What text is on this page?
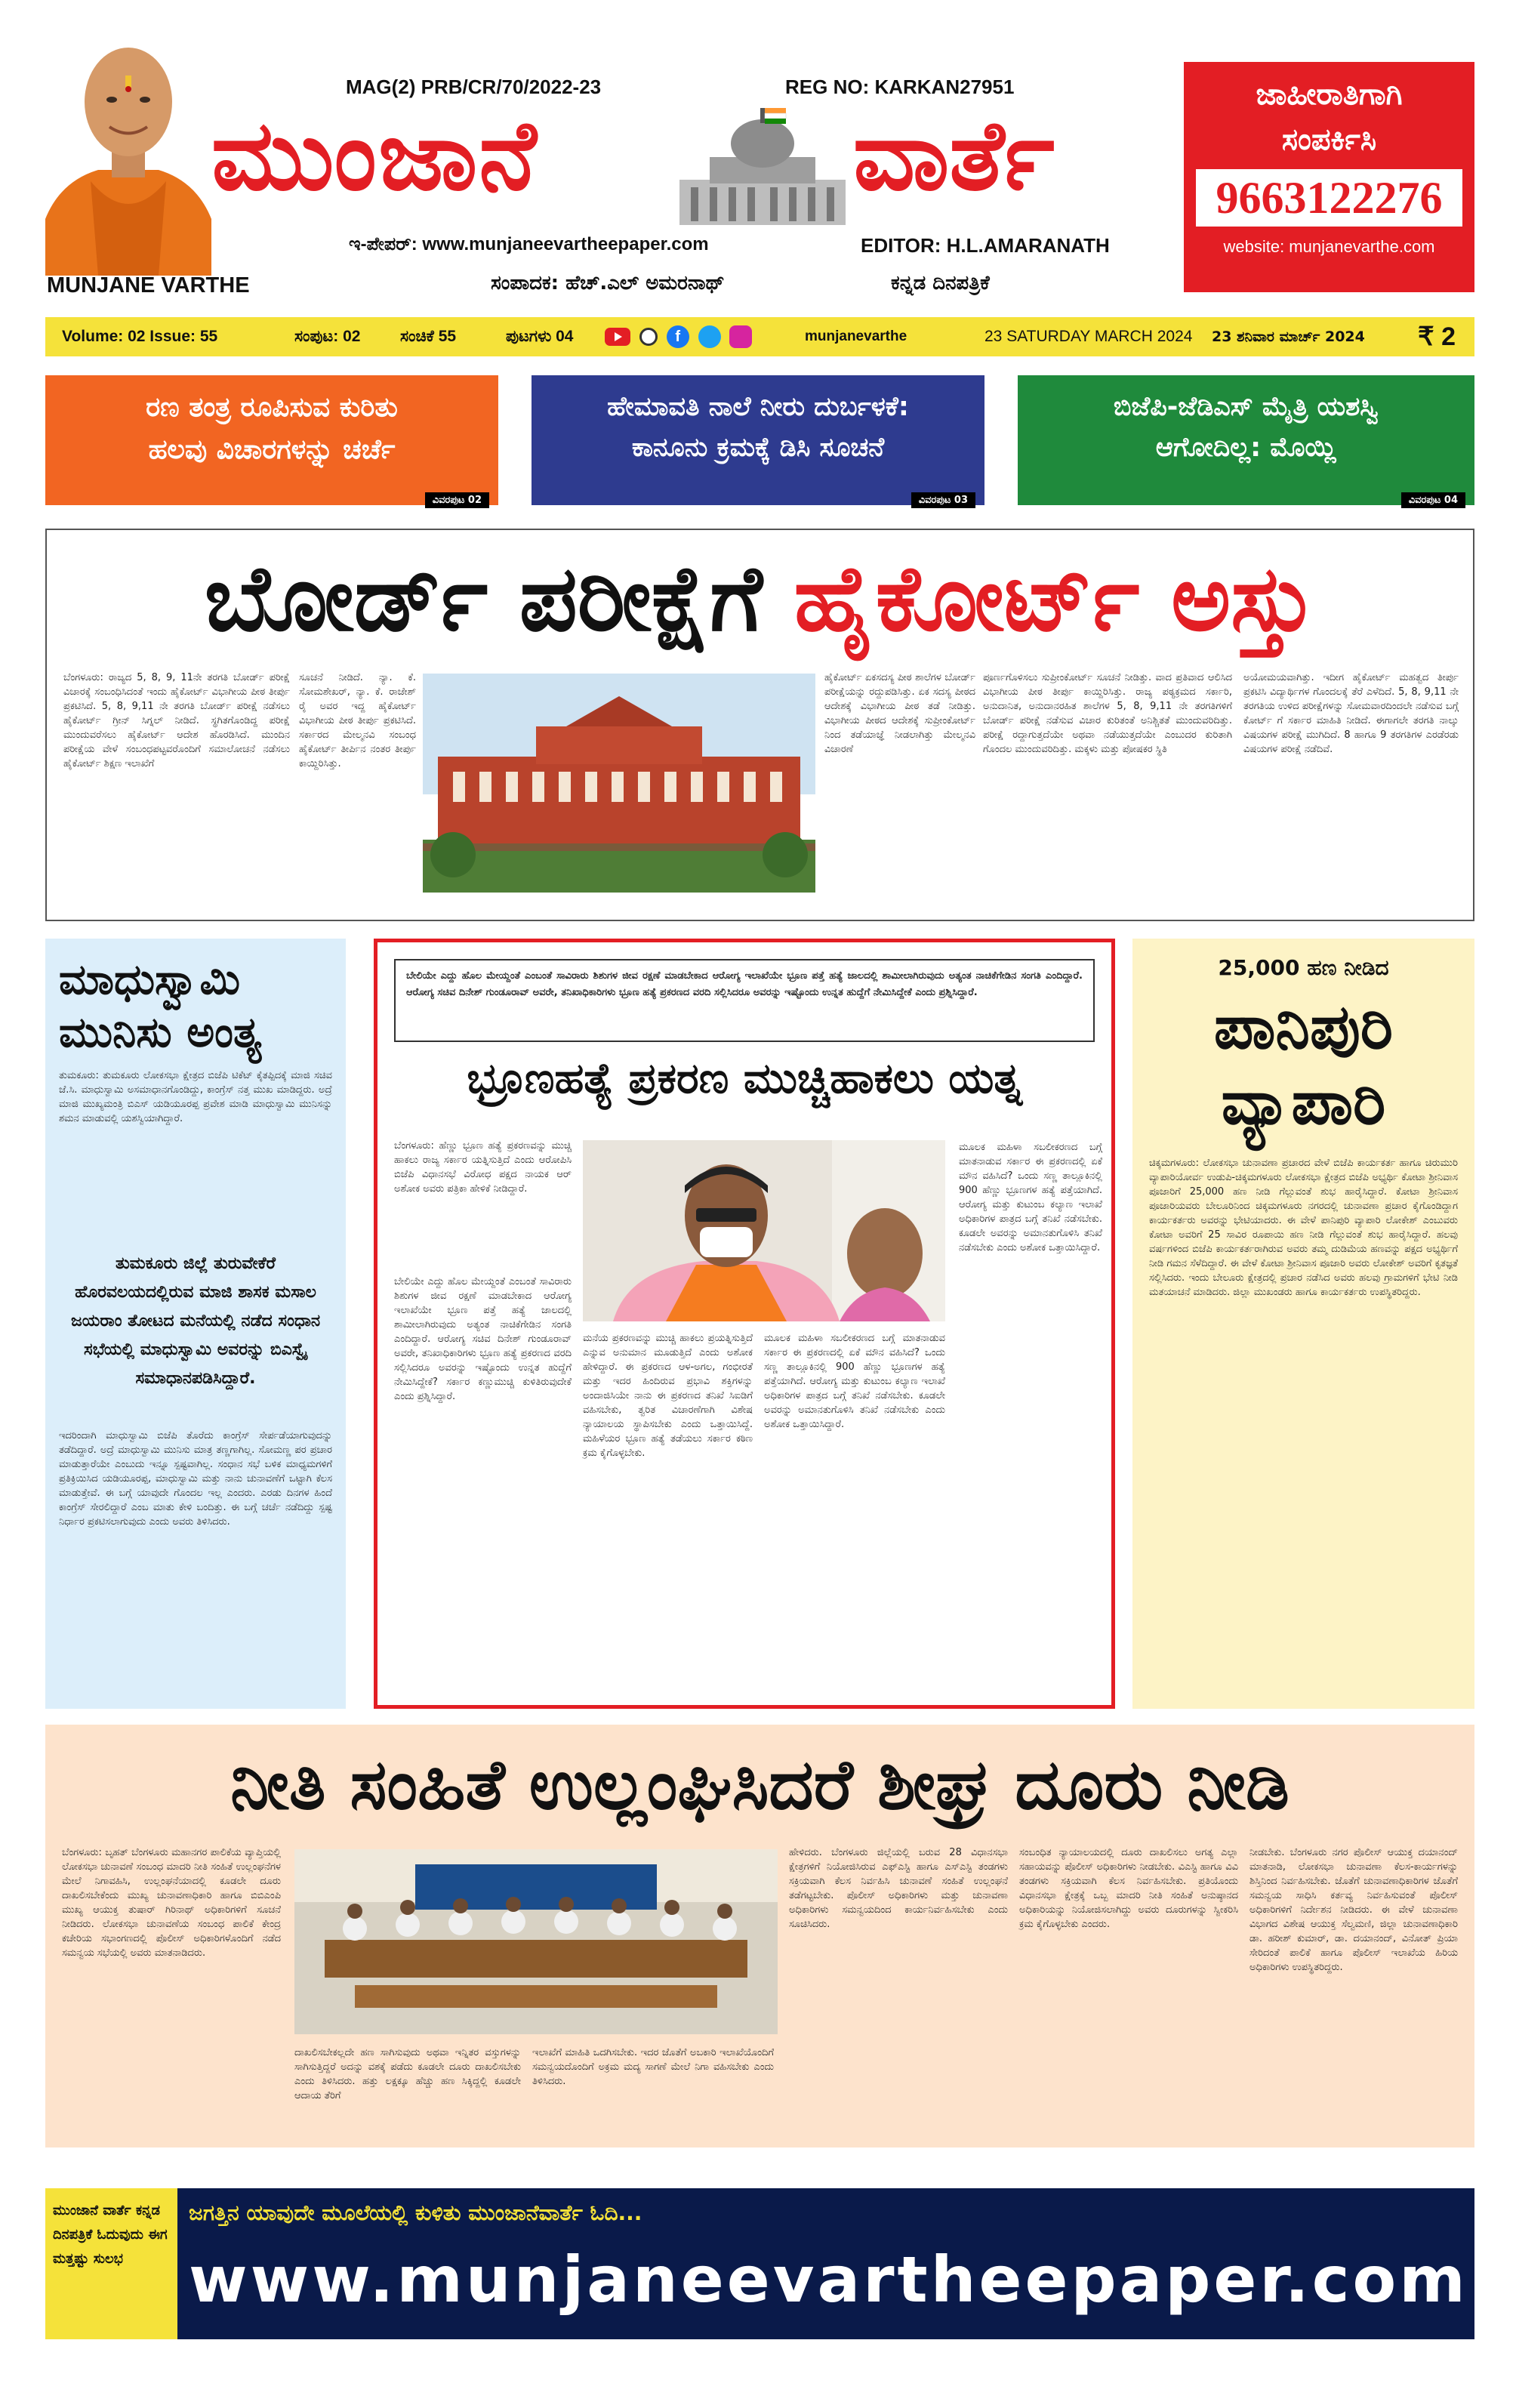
MUNJANE VARTHE
MAG(2) PRB/CR/70/2022-23	REG NO: KARKAN27951
ಮುಂಜಾನೆ	ವಾರ್ತೆ
ಇ-ಪೇಪರ್: www.munjaneevartheepaper.com	EDITOR: H.L.AMARANATH
ಸಂಪಾದಕ: ಹೆಚ್.ಎಲ್ ಅಮರನಾಥ್	ಕನ್ನಡ ದಿನಪತ್ರಿಕೆ
ಜಾಹೀರಾತಿಗಾಗಿ
ಸಂಪರ್ಕಿಸಿ
9663122276
website: munjanevarthe.com
Volume: 02 Issue: 55	ಸಂಪುಟ: 02	ಸಂಚಿಕೆ 55	ಪುಟಗಳು 04	f	munjanevarthe	23 SATURDAY MARCH 2024 23 ಶನಿವಾರ ಮಾರ್ಚ್ 2024 ₹ 2
ರಣ ತಂತ್ರ ರೂಪಿಸುವ ಕುರಿತು
ಹಲವು ವಿಚಾರಗಳನ್ನು ಚರ್ಚೆ
ವಿವರಪುಟ 02
ಹೇಮಾವತಿ ನಾಲೆ ನೀರು ದುರ್ಬಳಕೆ:
ಕಾನೂನು ಕ್ರಮಕ್ಕೆ ಡಿಸಿ ಸೂಚನೆ
ವಿವರಪುಟ 03
ಬಿಜೆಪಿ-ಜೆಡಿಎಸ್ ಮೈತ್ರಿ ಯಶಸ್ವಿ
ಆಗೋದಿಲ್ಲ: ಮೊಯ್ಲಿ
ವಿವರಪುಟ 04
ಬೋರ್ಡ್ ಪರೀಕ್ಷೆಗೆ ಹೈಕೋರ್ಟ್ ಅಸ್ತು
ಬೆಂಗಳೂರು: ರಾಜ್ಯದ 5, 8, 9, 11ನೇ ತರಗತಿ ಬೋರ್ಡ್ ಪರೀಕ್ಷೆ ವಿಚಾರಕ್ಕೆ ಸಂಬಂಧಿಸಿದಂತೆ ಇಂದು ಹೈಕೋರ್ಟ್ ವಿಭಾಗೀಯ ಪೀಠ ತೀರ್ಪು ಪ್ರಕಟಿಸಿದೆ. 5, 8, 9,11 ನೇ ತರಗತಿ ಬೋರ್ಡ್ ಪರೀಕ್ಷೆ ನಡೆಸಲು ಹೈಕೋರ್ಟ್ ಗ್ರೀನ್ ಸಿಗ್ನಲ್ ನೀಡಿದೆ. ಸ್ಥಗಿತಗೊಂಡಿದ್ದ ಪರೀಕ್ಷೆ ಮುಂದುವರೆಸಲು ಹೈಕೋರ್ಟ್ ಆದೇಶ ಹೊರಡಿಸಿದೆ. ಮುಂದಿನ ಪರೀಕ್ಷೆಯ ವೇಳೆ ಸಂಬಂಧಪಟ್ಟವರೊಂದಿಗೆ ಸಮಾಲೋಚನೆ ನಡೆಸಲು ಹೈಕೋರ್ಟ್ ಶಿಕ್ಷಣ ಇಲಾಖೆಗೆ
ಸೂಚನೆ ನೀಡಿದೆ. ನ್ಯಾ. ಕೆ. ಸೋಮಶೇಖರ್, ನ್ಯಾ. ಕೆ. ರಾಜೇಶ್ ರೈ ಅವರ ಇದ್ದ ಹೈಕೋರ್ಟ್ ವಿಭಾಗೀಯ ಪೀಠ ತೀರ್ಪು ಪ್ರಕಟಿಸಿದೆ. ಸರ್ಕಾರದ ಮೇಲ್ಮನವಿ ಸಂಬಂಧ ಹೈಕೋರ್ಟ್ ತೀರ್ಪಿನ ನಂತರ ತೀರ್ಪು ಕಾಯ್ದಿರಿಸಿತ್ತು.
ಹೈಕೋರ್ಟ್ ಏಕಸದಸ್ಯ ಪೀಠ ಶಾಲೆಗಳ ಬೋರ್ಡ್ ಪರೀಕ್ಷೆಯನ್ನು ರದ್ದುಪಡಿಸಿತ್ತು. ಏಕ ಸದಸ್ಯ ಪೀಠದ ಆದೇಶಕ್ಕೆ ವಿಭಾಗೀಯ ಪೀಠ ತಡೆ ನೀಡಿತ್ತು. ವಿಭಾಗೀಯ ಪೀಠದ ಆದೇಶಕ್ಕೆ ಸುಪ್ರೀಂಕೋರ್ಟ್ ನಿಂದ ತಡೆಯಾಜ್ಞೆ ನೀಡಲಾಗಿತ್ತು ಮೇಲ್ಮನವಿ ವಿಚಾರಣೆ
ಪೂರ್ಣಗೊಳಿಸಲು ಸುಪ್ರೀಂಕೋರ್ಟ್ ಸೂಚನೆ ನೀಡಿತ್ತು. ವಾದ ಪ್ರತಿವಾದ ಆಲಿಸಿದ ವಿಭಾಗೀಯ ಪೀಠ ತೀರ್ಪು ಕಾಯ್ದಿರಿಸಿತ್ತು. ರಾಜ್ಯ ಪಠ್ಯಕ್ರಮದ ಸರ್ಕಾರಿ, ಅನುದಾನಿತ, ಅನುದಾನರಹಿತ ಶಾಲೆಗಳ 5, 8, 9,11 ನೇ ತರಗತಿಗಳಿಗೆ ಬೋರ್ಡ್ ಪರೀಕ್ಷೆ ನಡೆಸುವ ವಿಚಾರ ಕುರಿತಂತೆ ಅನಿಶ್ಚಿತತೆ ಮುಂದುವರಿದಿತ್ತು. ಪರೀಕ್ಷೆ ರದ್ದಾಗುತ್ತದೆಯೇ ಅಥವಾ ನಡೆಯುತ್ತದೆಯೇ ಎಂಬುದರ ಕುರಿತಾಗಿ ಗೊಂದಲ ಮುಂದುವರಿದಿತ್ತು. ಮಕ್ಕಳು ಮತ್ತು ಪೋಷಕರ ಸ್ಥಿತಿ
ಅಯೋಮಯವಾಗಿತ್ತು. ಇದೀಗ ಹೈಕೋರ್ಟ್ ಮಹತ್ವದ ತೀರ್ಪು ಪ್ರಕಟಿಸಿ ವಿದ್ಯಾರ್ಥಿಗಳ ಗೊಂದಲಕ್ಕೆ ತೆರೆ ಎಳೆದಿದೆ. 5, 8, 9,11 ನೇ ತರಗತಿಯ ಉಳಿದ ಪರೀಕ್ಷೆಗಳನ್ನು ಸೋಮವಾರದಿಂದಲೇ ನಡೆಸುವ ಬಗ್ಗೆ ಕೋರ್ಟ್ ಗೆ ಸರ್ಕಾರ ಮಾಹಿತಿ ನೀಡಿದೆ. ಈಗಾಗಲೇ ತರಗತಿ ನಾಲ್ಕು ವಿಷಯಗಳ ಪರೀಕ್ಷೆ ಮುಗಿದಿದೆ. 8 ಹಾಗೂ 9 ತರಗತಿಗಳ ಎರಡೆರಡು ವಿಷಯಗಳ ಪರೀಕ್ಷೆ ನಡೆದಿವೆ.
ಮಾಧುಸ್ವಾಮಿ
ಮುನಿಸು ಅಂತ್ಯ
ತುಮಕೂರು: ತುಮಕೂರು ಲೋಕಸಭಾ ಕ್ಷೇತ್ರದ ಬಿಜೆಪಿ ಟಿಕೆಟ್ ಕೈತಪ್ಪಿದಕ್ಕೆ ಮಾಜಿ ಸಚಿವ ಜೆ.ಸಿ. ಮಾಧುಸ್ವಾಮಿ ಅಸಮಾಧಾನಗೊಂಡಿದ್ದು, ಕಾಂಗ್ರೆಸ್ ನತ್ತ ಮುಖ ಮಾಡಿದ್ದರು. ಅದ್ರೆ ಮಾಜಿ ಮುಖ್ಯಮಂತ್ರಿ ಬಿಎಸ್ ಯಡಿಯೂರಪ್ಪ ಪ್ರವೇಶ ಮಾಡಿ ಮಾಧುಸ್ವಾಮಿ ಮುನಿಸನ್ನು ಶಮನ ಮಾಡುವಲ್ಲಿ ಯಶಸ್ವಿಯಾಗಿದ್ದಾರೆ.
ತುಮಕೂರು ಜಿಲ್ಲೆ ತುರುವೇಕೆರೆ ಹೊರವಲಯದಲ್ಲಿರುವ ಮಾಜಿ ಶಾಸಕ ಮಸಾಲ ಜಯರಾಂ ತೋಟದ ಮನೆಯಲ್ಲಿ ನಡೆದ ಸಂಧಾನ ಸಭೆಯಲ್ಲಿ ಮಾಧುಸ್ವಾಮಿ ಅವರನ್ನು ಬಿಎಸ್ವೈ ಸಮಾಧಾನಪಡಿಸಿದ್ದಾರೆ.
ಇದರಿಂದಾಗಿ ಮಾಧುಸ್ವಾಮಿ ಬಿಜೆಪಿ ತೊರೆದು ಕಾಂಗ್ರೆಸ್ ಸೇರ್ಪಡೆಯಾಗುವುದನ್ನು ತಡೆದಿದ್ದಾರೆ. ಅದ್ರೆ ಮಾಧುಸ್ವಾಮಿ ಮುನಿಸು ಮಾತ್ರ ತಣ್ಣಗಾಗಿಲ್ಲ. ಸೋಮಣ್ಣ ಪರ ಪ್ರಚಾರ ಮಾಡುತ್ತಾರೆಯೇ ಎಂಬುದು ಇನ್ನೂ ಸ್ಪಷ್ಟವಾಗಿಲ್ಲ. ಸಂಧಾನ ಸಭೆ ಬಳಿಕ ಮಾಧ್ಯಮಗಳಿಗೆ ಪ್ರತಿಕ್ರಿಯಿಸಿದ ಯಡಿಯೂರಪ್ಪ, ಮಾಧುಸ್ವಾಮಿ ಮತ್ತು ನಾನು ಚುನಾವಣೆಗೆ ಒಟ್ಟಾಗಿ ಕೆಲಸ ಮಾಡುತ್ತೇವೆ. ಈ ಬಗ್ಗೆ ಯಾವುದೇ ಗೊಂದಲ ಇಲ್ಲ ಎಂದರು. ಎರಡು ದಿನಗಳ ಹಿಂದೆ ಕಾಂಗ್ರೆಸ್ ಸೇರಲಿದ್ದಾರೆ ಎಂಬ ಮಾತು ಕೇಳಿ ಬಂದಿತ್ತು. ಈ ಬಗ್ಗೆ ಚರ್ಚೆ ನಡೆದಿದ್ದು ಸ್ಪಷ್ಟ ನಿರ್ಧಾರ ಪ್ರಕಟಿಸಲಾಗುವುದು ಎಂದು ಅವರು ತಿಳಿಸಿದರು.
ಬೇಲಿಯೇ ಎದ್ದು ಹೊಲ ಮೇಯ್ದಂತೆ ಎಂಬಂತೆ ಸಾವಿರಾರು ಶಿಶುಗಳ ಜೀವ ರಕ್ಷಣೆ ಮಾಡಬೇಕಾದ ಆರೋಗ್ಯ ಇಲಾಖೆಯೇ ಭ್ರೂಣ ಪತ್ತೆ ಹತ್ಯೆ ಜಾಲದಲ್ಲಿ ಶಾಮೀಲಾಗಿರುವುದು ಅತ್ಯಂತ ನಾಚಿಕೆಗೇಡಿನ ಸಂಗತಿ ಎಂದಿದ್ದಾರೆ. ಆರೋಗ್ಯ ಸಚಿವ ದಿನೇಶ್ ಗುಂಡೂರಾವ್ ಅವರೇ, ತನಿಖಾಧಿಕಾರಿಗಳು ಭ್ರೂಣ ಹತ್ಯೆ ಪ್ರಕರಣದ ವರದಿ ಸಲ್ಲಿಸಿದರೂ ಅವರನ್ನು ಇಷ್ಟೊಂದು ಉನ್ನತ ಹುದ್ದೆಗೆ ನೇಮಿಸಿದ್ದೇಕೆ ಎಂದು ಪ್ರಶ್ನಿಸಿದ್ದಾರೆ.
ಭ್ರೂಣಹತ್ಯೆ ಪ್ರಕರಣ ಮುಚ್ಚಿಹಾಕಲು ಯತ್ನ
ಬೆಂಗಳೂರು: ಹೆಣ್ಣು ಭ್ರೂಣ ಹತ್ಯೆ ಪ್ರಕರಣವನ್ನು ಮುಚ್ಚಿ ಹಾಕಲು ರಾಜ್ಯ ಸರ್ಕಾರ ಯತ್ನಿಸುತ್ತಿದೆ ಎಂದು ಆರೋಪಿಸಿ ಬಿಜೆಪಿ ವಿಧಾನಸಭೆ ವಿರೋಧ ಪಕ್ಷದ ನಾಯಕ ಆರ್ ಅಶೋಕ ಅವರು ಪತ್ರಿಕಾ ಹೇಳಿಕೆ ನೀಡಿದ್ದಾರೆ.
ಬೇಲಿಯೇ ಎದ್ದು ಹೊಲ ಮೇಯ್ದಂತೆ ಎಂಬಂತೆ ಸಾವಿರಾರು ಶಿಶುಗಳ ಜೀವ ರಕ್ಷಣೆ ಮಾಡಬೇಕಾದ ಆರೋಗ್ಯ ಇಲಾಖೆಯೇ ಭ್ರೂಣ ಪತ್ತೆ ಹತ್ಯೆ ಜಾಲದಲ್ಲಿ ಶಾಮೀಲಾಗಿರುವುದು ಅತ್ಯಂತ ನಾಚಿಕೆಗೇಡಿನ ಸಂಗತಿ ಎಂದಿದ್ದಾರೆ. ಆರೋಗ್ಯ ಸಚಿವ ದಿನೇಶ್ ಗುಂಡೂರಾವ್ ಅವರೇ, ತನಿಖಾಧಿಕಾರಿಗಳು ಭ್ರೂಣ ಹತ್ಯೆ ಪ್ರಕರಣದ ವರದಿ ಸಲ್ಲಿಸಿದರೂ ಅವರನ್ನು ಇಷ್ಟೊಂದು ಉನ್ನತ ಹುದ್ದೆಗೆ ನೇಮಿಸಿದ್ದೇಕೆ? ಸರ್ಕಾರ ಕಣ್ಣುಮುಚ್ಚಿ ಕುಳಿತಿರುವುದೇಕೆ ಎಂದು ಪ್ರಶ್ನಿಸಿದ್ದಾರೆ.
ಮನೆಯ ಪ್ರಕರಣವನ್ನು ಮುಚ್ಚಿ ಹಾಕಲು ಪ್ರಯತ್ನಿಸುತ್ತಿದೆ ಎನ್ನುವ ಅನುಮಾನ ಮೂಡುತ್ತಿದೆ ಎಂದು ಅಶೋಕ ಹೇಳಿದ್ದಾರೆ. ಈ ಪ್ರಕರಣದ ಆಳ-ಅಗಲ, ಗಂಭೀರತೆ ಮತ್ತು ಇದರ ಹಿಂದಿರುವ ಪ್ರಭಾವಿ ಶಕ್ತಿಗಳನ್ನು ಅಂದಾಜಿಸಿಯೇ ನಾನು ಈ ಪ್ರಕರಣದ ತನಿಖೆ ಸಿಐಡಿಗೆ ವಹಿಸಬೇಕು, ತ್ವರಿತ ವಿಚಾರಣೆಗಾಗಿ ವಿಶೇಷ ನ್ಯಾಯಾಲಯ ಸ್ಥಾಪಿಸಬೇಕು ಎಂದು ಒತ್ತಾಯಿಸಿದ್ದೆ. ಮಹಿಳೆಯರ ಭ್ರೂಣ ಹತ್ಯೆ ತಡೆಯಲು ಸರ್ಕಾರ ಕಠಿಣ ಕ್ರಮ ಕೈಗೊಳ್ಳಬೇಕು.
ಮೂಲಕ ಮಹಿಳಾ ಸಬಲೀಕರಣದ ಬಗ್ಗೆ ಮಾತನಾಡುವ ಸರ್ಕಾರ ಈ ಪ್ರಕರಣದಲ್ಲಿ ಏಕೆ ಮೌನ ವಹಿಸಿದೆ? ಒಂದು ಸಣ್ಣ ತಾಲ್ಲೂಕಿನಲ್ಲಿ 900 ಹೆಣ್ಣು ಭ್ರೂಣಗಳ ಹತ್ಯೆ ಪತ್ತೆಯಾಗಿದೆ. ಆರೋಗ್ಯ ಮತ್ತು ಕುಟುಂಬ ಕಲ್ಯಾಣ ಇಲಾಖೆ ಅಧಿಕಾರಿಗಳ ಪಾತ್ರದ ಬಗ್ಗೆ ತನಿಖೆ ನಡೆಸಬೇಕು. ಕೂಡಲೇ ಅವರನ್ನು ಅಮಾನತುಗೊಳಿಸಿ ತನಿಖೆ ನಡೆಸಬೇಕು ಎಂದು ಅಶೋಕ ಒತ್ತಾಯಿಸಿದ್ದಾರೆ.
ಮೂಲಕ ಮಹಿಳಾ ಸಬಲೀಕರಣದ ಬಗ್ಗೆ ಮಾತನಾಡುವ ಸರ್ಕಾರ ಈ ಪ್ರಕರಣದಲ್ಲಿ ಏಕೆ ಮೌನ ವಹಿಸಿದೆ? ಒಂದು ಸಣ್ಣ ತಾಲ್ಲೂಕಿನಲ್ಲಿ 900 ಹೆಣ್ಣು ಭ್ರೂಣಗಳ ಹತ್ಯೆ ಪತ್ತೆಯಾಗಿದೆ. ಆರೋಗ್ಯ ಮತ್ತು ಕುಟುಂಬ ಕಲ್ಯಾಣ ಇಲಾಖೆ ಅಧಿಕಾರಿಗಳ ಪಾತ್ರದ ಬಗ್ಗೆ ತನಿಖೆ ನಡೆಸಬೇಕು. ಕೂಡಲೇ ಅವರನ್ನು ಅಮಾನತುಗೊಳಿಸಿ ತನಿಖೆ ನಡೆಸಬೇಕು ಎಂದು ಅಶೋಕ ಒತ್ತಾಯಿಸಿದ್ದಾರೆ.
25,000 ಹಣ ನೀಡಿದ
ಪಾನಿಪುರಿ
ವ್ಯಾಪಾರಿ
ಚಿಕ್ಕಮಗಳೂರು: ಲೋಕಸಭಾ ಚುನಾವಣಾ ಪ್ರಚಾರದ ವೇಳೆ ಬಿಜೆಪಿ ಕಾರ್ಯಕರ್ತ ಹಾಗೂ ಚಿರುಮುರಿ ವ್ಯಾಪಾರಿಯೋರ್ವ ಉಡುಪಿ-ಚಿಕ್ಕಮಗಳೂರು ಲೋಕಸಭಾ ಕ್ಷೇತ್ರದ ಬಿಜೆಪಿ ಅಭ್ಯರ್ಥಿ ಕೋಟಾ ಶ್ರೀನಿವಾಸ ಪೂಜಾರಿಗೆ 25,000 ಹಣ ನೀಡಿ ಗೆಲ್ಲುವಂತೆ ಶುಭ ಹಾರೈಸಿದ್ದಾರೆ. ಕೋಟಾ ಶ್ರೀನಿವಾಸ ಪೂಜಾರಿಯವರು ಬೇಲೂರಿನಿಂದ ಚಿಕ್ಕಮಗಳೂರು ನಗರದಲ್ಲಿ ಚುನಾವಣಾ ಪ್ರಚಾರ ಕೈಗೊಂಡಿದ್ದಾಗ ಕಾರ್ಯಕರ್ತರು ಅವರನ್ನು ಭೇಟಿಯಾದರು. ಈ ವೇಳೆ ಪಾನಿಪುರಿ ವ್ಯಾಪಾರಿ ಲೋಕೇಶ್ ಎಂಬುವರು ಕೋಟಾ ಅವರಿಗೆ 25 ಸಾವಿರ ರೂಪಾಯಿ ಹಣ ನೀಡಿ ಗೆಲ್ಲುವಂತೆ ಶುಭ ಹಾರೈಸಿದ್ದಾರೆ. ಹಲವು ವರ್ಷಗಳಿಂದ ಬಿಜೆಪಿ ಕಾರ್ಯಕರ್ತರಾಗಿರುವ ಅವರು ತಮ್ಮ ದುಡಿಮೆಯ ಹಣವನ್ನು ಪಕ್ಷದ ಅಭ್ಯರ್ಥಿಗೆ ನೀಡಿ ಗಮನ ಸೆಳೆದಿದ್ದಾರೆ. ಈ ವೇಳೆ ಕೋಟಾ ಶ್ರೀನಿವಾಸ ಪೂಜಾರಿ ಅವರು ಲೋಕೇಶ್ ಅವರಿಗೆ ಕೃತಜ್ಞತೆ ಸಲ್ಲಿಸಿದರು. ಇಂದು ಬೇಲೂರು ಕ್ಷೇತ್ರದಲ್ಲಿ ಪ್ರಚಾರ ನಡೆಸಿದ ಅವರು ಹಲವು ಗ್ರಾಮಗಳಿಗೆ ಭೇಟಿ ನೀಡಿ ಮತಯಾಚನೆ ಮಾಡಿದರು. ಜಿಲ್ಲಾ ಮುಖಂಡರು ಹಾಗೂ ಕಾರ್ಯಕರ್ತರು ಉಪಸ್ಥಿತರಿದ್ದರು.
ನೀತಿ ಸಂಹಿತೆ ಉಲ್ಲಂಘಿಸಿದರೆ ಶೀಘ್ರ ದೂರು ನೀಡಿ
ಬೆಂಗಳೂರು: ಬೃಹತ್ ಬೆಂಗಳೂರು ಮಹಾನಗರ ಪಾಲಿಕೆಯ ವ್ಯಾಪ್ತಿಯಲ್ಲಿ ಲೋಕಸಭಾ ಚುನಾವಣೆ ಸಂಬಂಧ ಮಾದರಿ ನೀತಿ ಸಂಹಿತೆ ಉಲ್ಲಂಘನೆಗಳ ಮೇಲೆ ನಿಗಾವಹಿಸಿ, ಉಲ್ಲಂಘನೆಯಾದಲ್ಲಿ ಕೂಡಲೇ ದೂರು ದಾಖಲಿಸಬೇಕೆಂದು ಮುಖ್ಯ ಚುನಾವಣಾಧಿಕಾರಿ ಹಾಗೂ ಬಿಬಿಎಂಪಿ ಮುಖ್ಯ ಆಯುಕ್ತ ತುಷಾರ್ ಗಿರಿನಾಥ್ ಅಧಿಕಾರಿಗಳಿಗೆ ಸೂಚನೆ ನೀಡಿದರು. ಲೋಕಸಭಾ ಚುನಾವಣೆಯ ಸಂಬಂಧ ಪಾಲಿಕೆ ಕೇಂದ್ರ ಕಚೇರಿಯ ಸಭಾಂಗಣದಲ್ಲಿ ಪೊಲೀಸ್ ಅಧಿಕಾರಿಗಳೊಂದಿಗೆ ನಡೆದ ಸಮನ್ವಯ ಸಭೆಯಲ್ಲಿ ಅವರು ಮಾತನಾಡಿದರು.
ದಾಖಲಿಸಬೇಕಲ್ಲದೇ ಹಣ ಸಾಗಿಸುವುದು ಅಥವಾ ಇನ್ನಿತರ ವಸ್ತುಗಳನ್ನು ಸಾಗಿಸುತ್ತಿದ್ದರೆ ಅದನ್ನು ವಶಕ್ಕೆ ಪಡೆದು ಕೂಡಲೇ ದೂರು ದಾಖಲಿಸಬೇಕು ಎಂದು ತಿಳಿಸಿದರು. ಹತ್ತು ಲಕ್ಷಕ್ಕೂ ಹೆಚ್ಚು ಹಣ ಸಿಕ್ಕಿದ್ದಲ್ಲಿ ಕೂಡಲೇ ಆದಾಯ ತೆರಿಗೆ
ಇಲಾಖೆಗೆ ಮಾಹಿತಿ ಒದಗಿಸಬೇಕು. ಇದರ ಜೊತೆಗೆ ಅಬಕಾರಿ ಇಲಾಖೆಯೊಂದಿಗೆ ಸಮನ್ವಯದೊಂದಿಗೆ ಅಕ್ರಮ ಮದ್ಯ ಸಾಗಣೆ ಮೇಲೆ ನಿಗಾ ವಹಿಸಬೇಕು ಎಂದು ತಿಳಿಸಿದರು.
ಹೇಳಿದರು. ಬೆಂಗಳೂರು ಜಿಲ್ಲೆಯಲ್ಲಿ ಬರುವ 28 ವಿಧಾನಸಭಾ ಕ್ಷೇತ್ರಗಳಿಗೆ ನಿಯೋಜಿಸಿರುವ ಎಫ್ಎಸ್ಟಿ ಹಾಗೂ ಎಸ್ಎಸ್ಟಿ ತಂಡಗಳು ಸಕ್ರಿಯವಾಗಿ ಕೆಲಸ ನಿರ್ವಹಿಸಿ ಚುನಾವಣೆ ಸಂಹಿತೆ ಉಲ್ಲಂಘನೆ ತಡೆಗಟ್ಟಬೇಕು. ಪೊಲೀಸ್ ಅಧಿಕಾರಿಗಳು ಮತ್ತು ಚುನಾವಣಾ ಅಧಿಕಾರಿಗಳು ಸಮನ್ವಯದಿಂದ ಕಾರ್ಯನಿರ್ವಹಿಸಬೇಕು ಎಂದು ಸೂಚಿಸಿದರು.
ಸಂಬಂಧಿತ ನ್ಯಾಯಾಲಯದಲ್ಲಿ ದೂರು ದಾಖಲಿಸಲು ಅಗತ್ಯ ಎಲ್ಲಾ ಸಹಾಯವನ್ನು ಪೊಲೀಸ್ ಅಧಿಕಾರಿಗಳು ನೀಡಬೇಕು. ವಿಎಸ್ಟಿ ಹಾಗೂ ವಿವಿ ತಂಡಗಳು ಸಕ್ರಿಯವಾಗಿ ಕೆಲಸ ನಿರ್ವಹಿಸಬೇಕು. ಪ್ರತಿಯೊಂದು ವಿಧಾನಸಭಾ ಕ್ಷೇತ್ರಕ್ಕೆ ಒಬ್ಬ ಮಾದರಿ ನೀತಿ ಸಂಹಿತೆ ಅನುಷ್ಠಾನದ ಅಧಿಕಾರಿಯನ್ನು ನಿಯೋಜಿಸಲಾಗಿದ್ದು ಅವರು ದೂರುಗಳನ್ನು ಸ್ವೀಕರಿಸಿ ಕ್ರಮ ಕೈಗೊಳ್ಳಬೇಕು ಎಂದರು.
ನೀಡಬೇಕು. ಬೆಂಗಳೂರು ನಗರ ಪೊಲೀಸ್ ಆಯುಕ್ತ ದಯಾನಂದ್ ಮಾತನಾಡಿ, ಲೋಕಸಭಾ ಚುನಾವಣಾ ಕೆಲಸ-ಕಾರ್ಯಗಳನ್ನು ಶಿಸ್ತಿನಿಂದ ನಿರ್ವಹಿಸಬೇಕು. ಜೊತೆಗೆ ಚುನಾವಣಾಧಿಕಾರಿಗಳ ಜೊತೆಗೆ ಸಮನ್ವಯ ಸಾಧಿಸಿ ಕರ್ತವ್ಯ ನಿರ್ವಹಿಸುವಂತೆ ಪೊಲೀಸ್ ಅಧಿಕಾರಿಗಳಿಗೆ ನಿರ್ದೇಶನ ನೀಡಿದರು. ಈ ವೇಳೆ ಚುನಾವಣಾ ವಿಭಾಗದ ವಿಶೇಷ ಆಯುಕ್ತ ಸೆಲ್ವಮಣಿ, ಜಿಲ್ಲಾ ಚುನಾವಣಾಧಿಕಾರಿ ಡಾ. ಹರೀಶ್ ಕುಮಾರ್, ಡಾ. ದಯಾನಂದ್, ವಿನೋತ್ ಪ್ರಿಯಾ ಸೇರಿದಂತೆ ಪಾಲಿಕೆ ಹಾಗೂ ಪೊಲೀಸ್ ಇಲಾಖೆಯ ಹಿರಿಯ ಅಧಿಕಾರಿಗಳು ಉಪಸ್ಥಿತರಿದ್ದರು.
ಮುಂಜಾನೆ ವಾರ್ತೆ ಕನ್ನಡ ದಿನಪತ್ರಿಕೆ ಓದುವುದು ಈಗ ಮತ್ತಷ್ಟು ಸುಲಭ
ಜಗತ್ತಿನ ಯಾವುದೇ ಮೂಲೆಯಲ್ಲಿ ಕುಳಿತು ಮುಂಜಾನೆವಾರ್ತೆ ಓದಿ...
www.munjaneevartheepaper.com
